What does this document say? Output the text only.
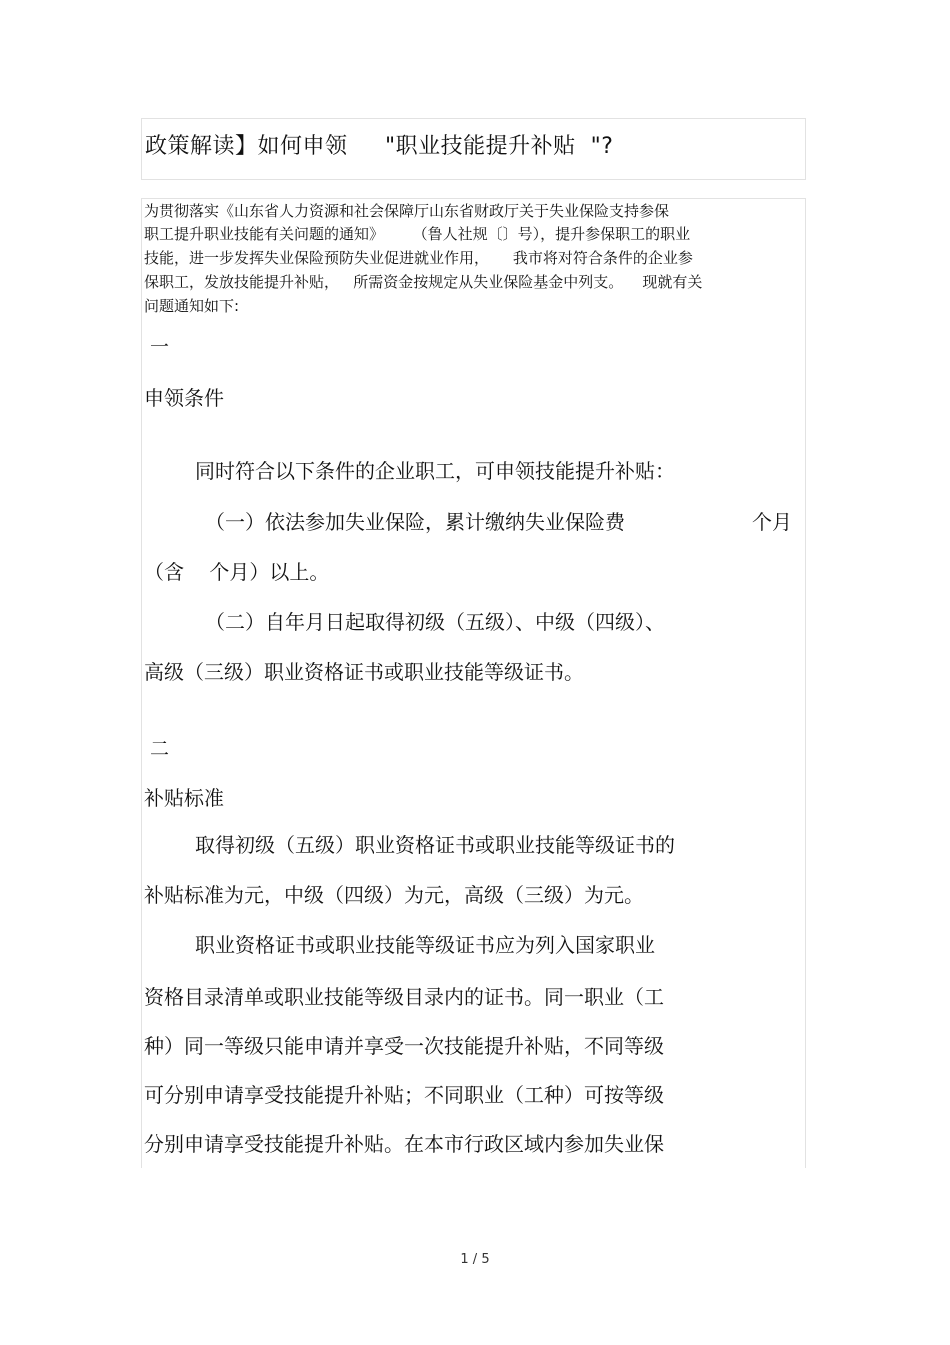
政策解读】如何申领     "职业技能提升补贴  "?
为贯彻落实《山东省人力资源和社会保障厅山东省财政厅关于失业保险支持参保
职工提升职业技能有关问题的通知》      （鲁人社规〔〕号），提升参保职工的职业
技能，进一步发挥失业保险预防失业促进就业作用，     我市将对符合条件的企业参
保职工，发放技能提升补贴，   所需资金按规定从失业保险基金中列支。    现就有关
问题通知如下:
一
申领条件
同时符合以下条件的企业职工，可申领技能提升补贴：
（一）依法参加失业保险，累计缴纳失业保险费	个月
（含    个月）以上。
（二）自年月日起取得初级（五级）、中级（四级）、
高级（三级）职业资格证书或职业技能等级证书。
二
补贴标准
取得初级（五级）职业资格证书或职业技能等级证书的
补贴标准为元，中级（四级）为元，高级（三级）为元。
职业资格证书或职业技能等级证书应为列入国家职业
资格目录清单或职业技能等级目录内的证书。同一职业（工
种）同一等级只能申请并享受一次技能提升补贴，不同等级
可分别申请享受技能提升补贴；不同职业（工种）可按等级
分别申请享受技能提升补贴。在本市行政区域内参加失业保
1 / 5
